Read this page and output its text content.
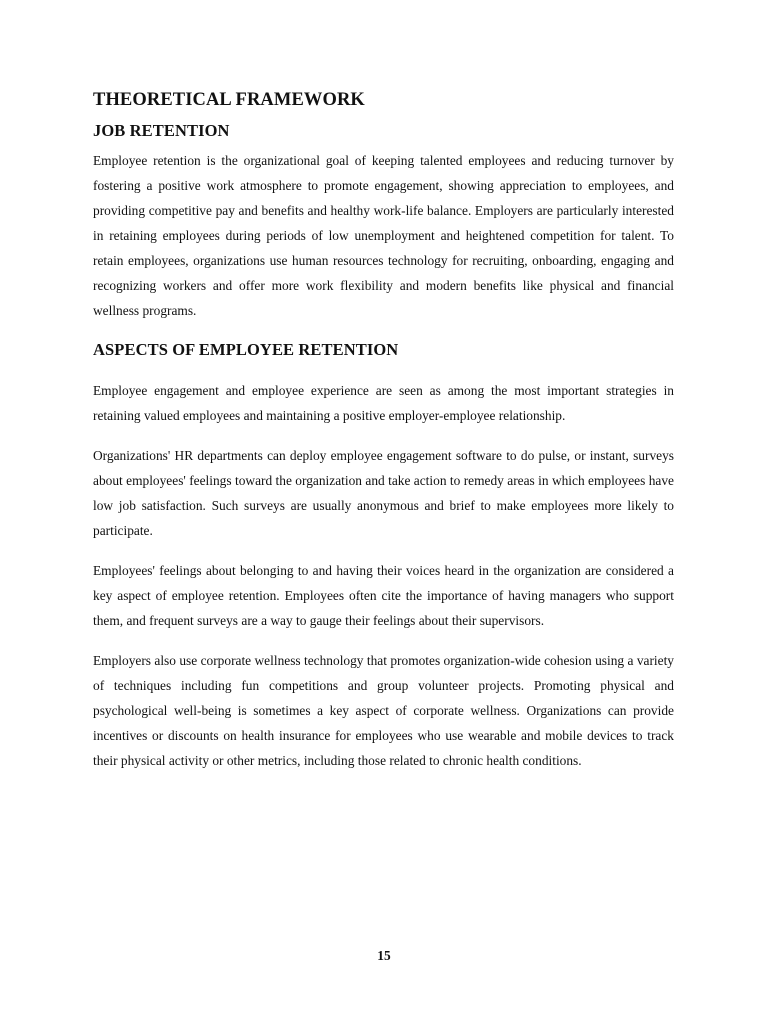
THEORETICAL FRAMEWORK
JOB RETENTION

Employee retention is the organizational goal of keeping talented employees and reducing turnover by fostering a positive work atmosphere to promote engagement, showing appreciation to employees, and providing competitive pay and benefits and healthy work-life balance. Employers are particularly interested in retaining employees during periods of low unemployment and heightened competition for talent. To retain employees, organizations use human resources technology for recruiting, onboarding, engaging and recognizing workers and offer more work flexibility and modern benefits like physical and financial wellness programs.

ASPECTS OF EMPLOYEE RETENTION

Employee engagement and employee experience are seen as among the most important strategies in retaining valued employees and maintaining a positive employer-employee relationship.

Organizations' HR departments can deploy employee engagement software to do pulse, or instant, surveys about employees' feelings toward the organization and take action to remedy areas in which employees have low job satisfaction. Such surveys are usually anonymous and brief to make employees more likely to participate.

Employees' feelings about belonging to and having their voices heard in the organization are considered a key aspect of employee retention. Employees often cite the importance of having managers who support them, and frequent surveys are a way to gauge their feelings about their supervisors.

Employers also use corporate wellness technology that promotes organization-wide cohesion using a variety of techniques including fun competitions and group volunteer projects. Promoting physical and psychological well-being is sometimes a key aspect of corporate wellness. Organizations can provide incentives or discounts on health insurance for employees who use wearable and mobile devices to track their physical activity or other metrics, including those related to chronic health conditions.

15
